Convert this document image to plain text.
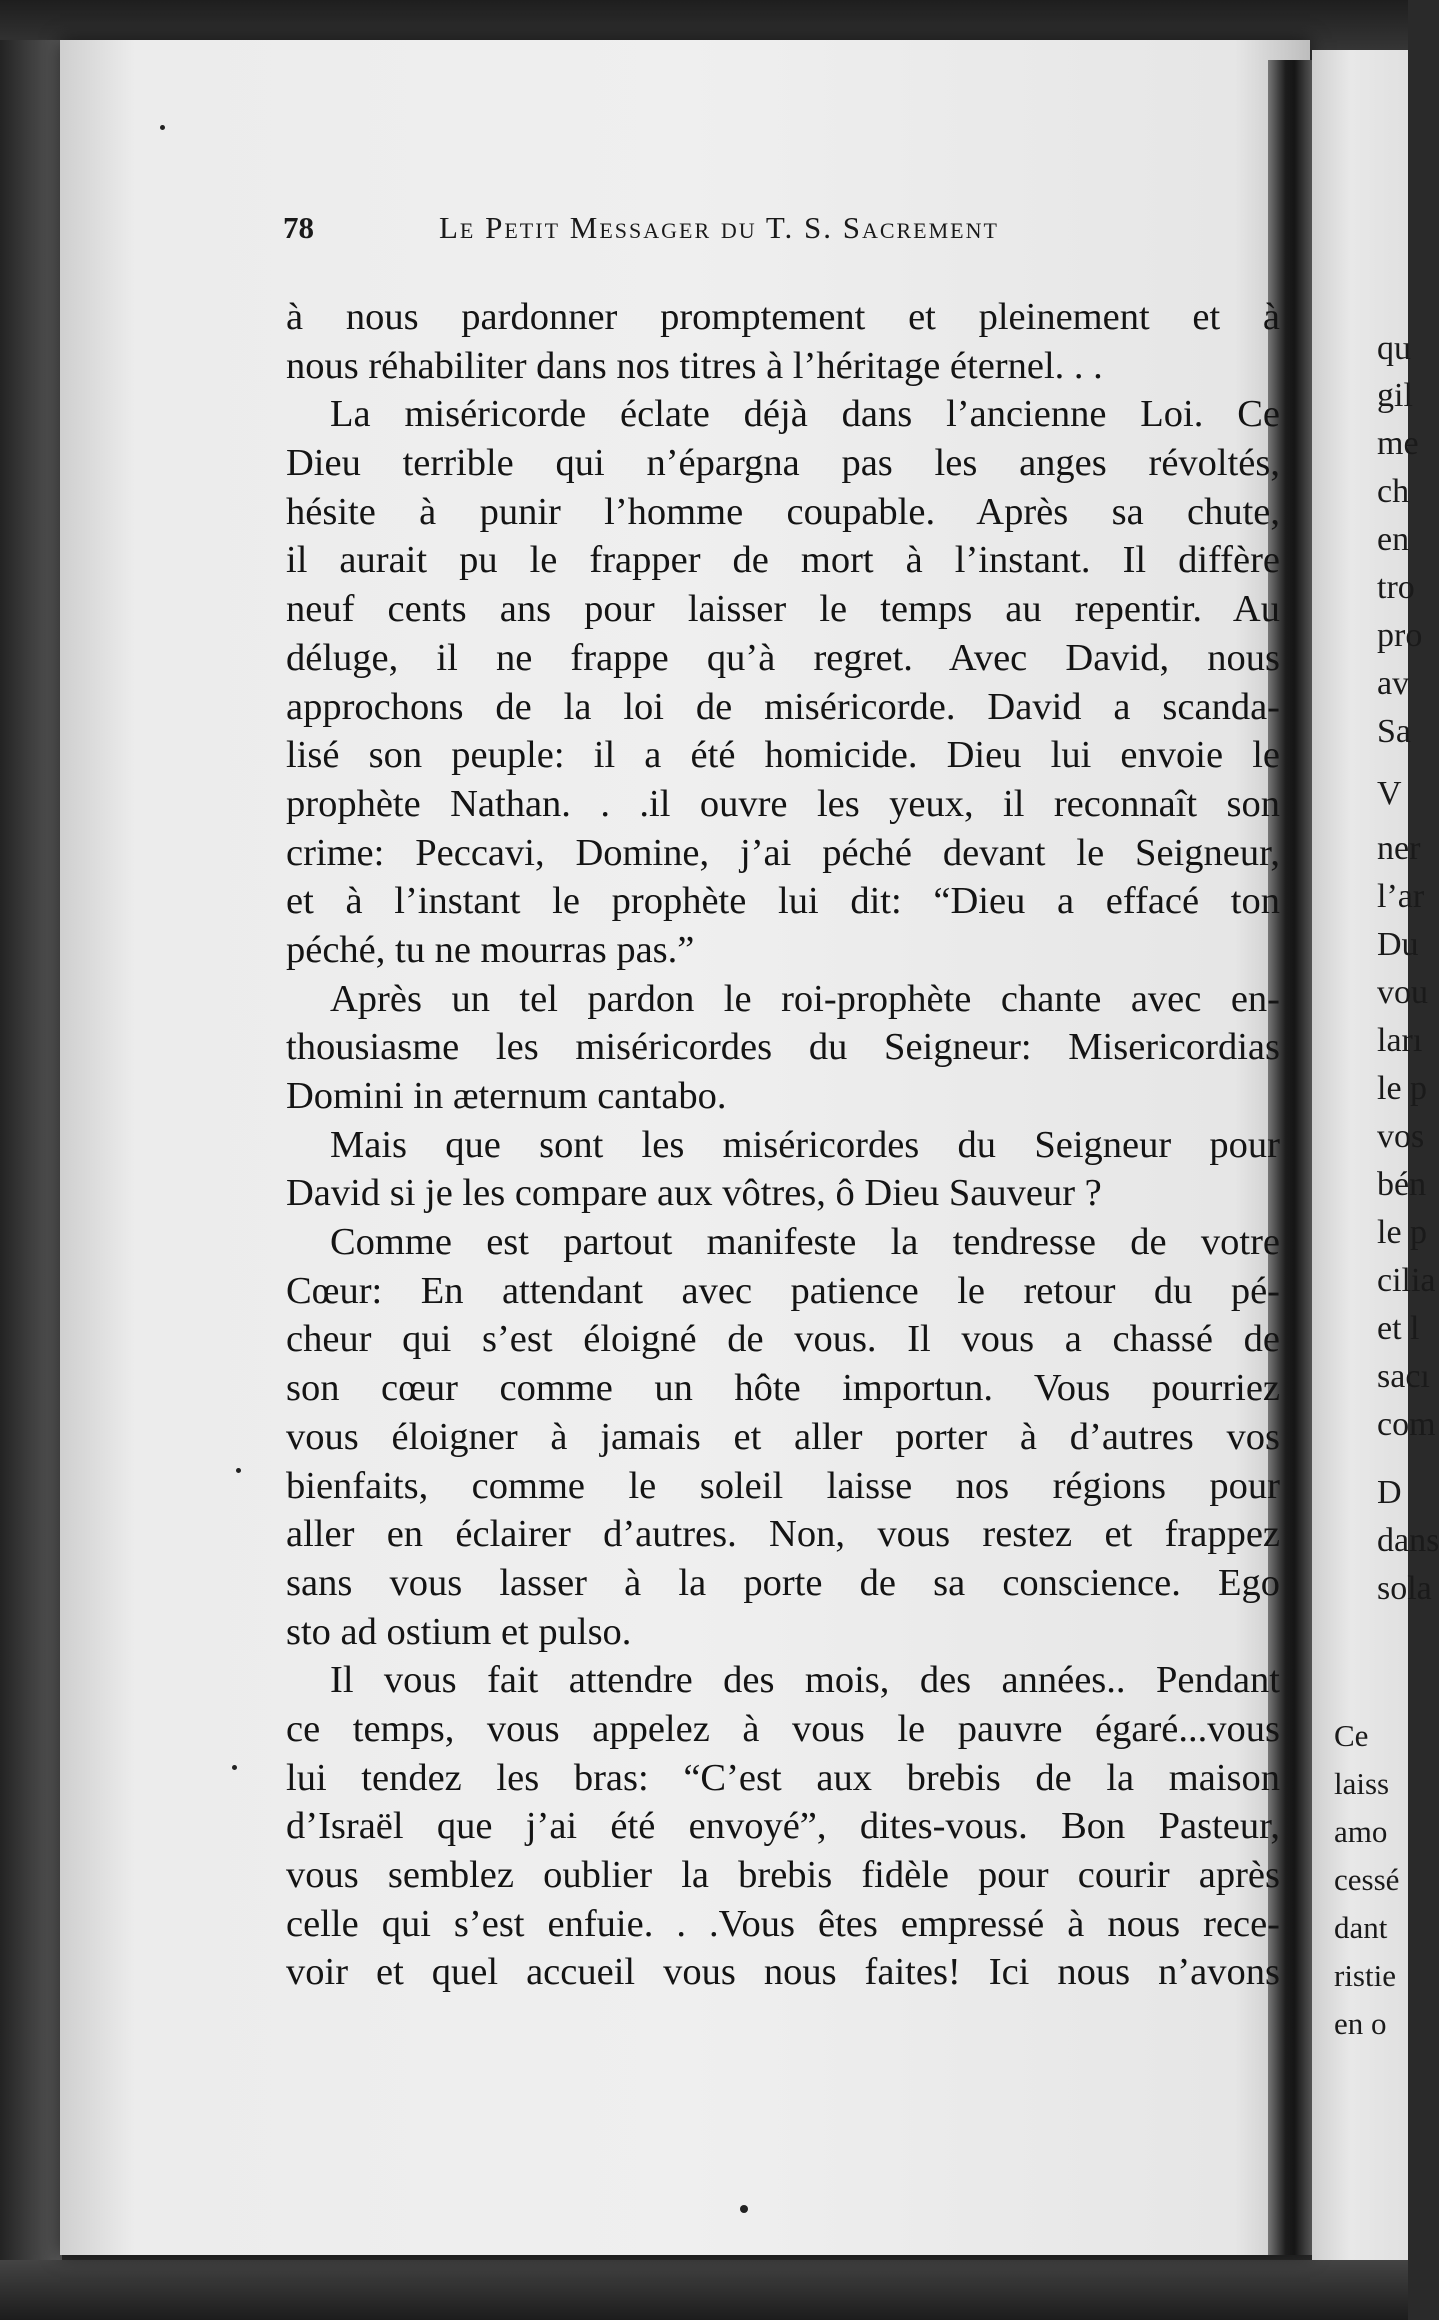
78	Le Petit Messager du T. S. Sacrement
à nous pardonner promptement et pleinement et à
nous réhabiliter dans nos titres à l’héritage éternel. . .
La miséricorde éclate déjà dans l’ancienne Loi. Ce
Dieu terrible qui n’épargna pas les anges révoltés,
hésite à punir l’homme coupable. Après sa chute,
il aurait pu le frapper de mort à l’instant. Il diffère
neuf cents ans pour laisser le temps au repentir. Au
déluge, il ne frappe qu’à regret. Avec David, nous
approchons de la loi de miséricorde. David a scanda-
lisé son peuple: il a été homicide. Dieu lui envoie le
prophète Nathan. . .il ouvre les yeux, il reconnaît son
crime: Peccavi, Domine, j’ai péché devant le Seigneur,
et à l’instant le prophète lui dit: “Dieu a effacé ton
péché, tu ne mourras pas.”
Après un tel pardon le roi-prophète chante avec en-
thousiasme les miséricordes du Seigneur: Misericordias
Domini in æternum cantabo.
Mais que sont les miséricordes du Seigneur pour
David si je les compare aux vôtres, ô Dieu Sauveur ?
Comme est partout manifeste la tendresse de votre
Cœur: En attendant avec patience le retour du pé-
cheur qui s’est éloigné de vous. Il vous a chassé de
son cœur comme un hôte importun. Vous pourriez
vous éloigner à jamais et aller porter à d’autres vos
bienfaits, comme le soleil laisse nos régions pour
aller en éclairer d’autres. Non, vous restez et frappez
sans vous lasser à la porte de sa conscience. Ego
sto ad ostium et pulso.
Il vous fait attendre des mois, des années.. Pendant
ce temps, vous appelez à vous le pauvre égaré...vous
lui tendez les bras: “C’est aux brebis de la maison
d’Israël que j’ai été envoyé”, dites-vous. Bon Pasteur,
vous semblez oublier la brebis fidèle pour courir après
celle qui s’est enfuie. . .Vous êtes empressé à nous rece-
voir et quel accueil vous nous faites! Ici nous n’avons
qu
gil
me
ch
en
tro
pro
av
Sa
V
ner
l’ar
Du
vou
ları
le p
vos
bén
le p
cilia
et l
sacı
com
D
dans
sola
Ce
laiss
amo
cessé
dant
ristie
en o
